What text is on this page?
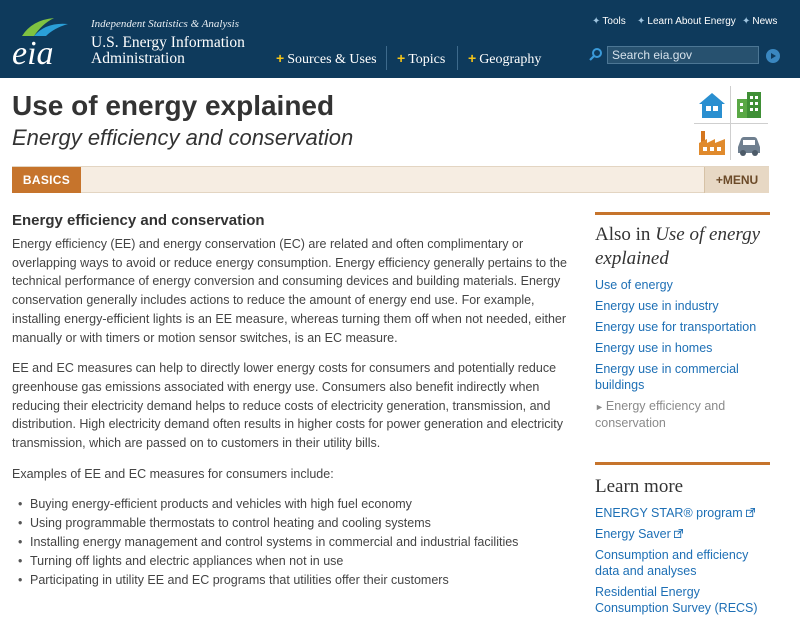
eia
Independent Statistics & Analysis
U.S. Energy Information
Administration
✦ Tools ✦ Learn About Energy ✦ News
+ Sources & Uses + Topics + Geography
Search eia.gov
Use of energy explained
Energy efficiency and conservation
BASICS	+MENU
Energy efficiency and conservation

Energy efficiency (EE) and energy conservation (EC) are related and often complimentary or overlapping ways to avoid or reduce energy consumption. Energy efficiency generally pertains to the technical performance of energy conversion and consuming devices and building materials. Energy conservation generally includes actions to reduce the amount of energy end use. For example, installing energy-efficient lights is an EE measure, whereas turning them off when not needed, either manually or with timers or motion sensor switches, is an EC measure.

EE and EC measures can help to directly lower energy costs for consumers and potentially reduce greenhouse gas emissions associated with energy use. Consumers also benefit indirectly when reducing their electricity demand helps to reduce costs of electricity generation, transmission, and distribution. High electricity demand often results in higher costs for power generation and electricity transmission, which are passed on to customers in their utility bills.

Examples of EE and EC measures for consumers include:

• Buying energy-efficient products and vehicles with high fuel economy
• Using programmable thermostats to control heating and cooling systems
• Installing energy management and control systems in commercial and industrial facilities
• Turning off lights and electric appliances when not in use
• Participating in utility EE and EC programs that utilities offer their customers
Also in Use of energy explained
Use of energy
Energy use in industry
Energy use for transportation
Energy use in homes
Energy use in commercial buildings
► Energy efficiency and conservation
Learn more
ENERGY STAR® program
Energy Saver
Consumption and efficiency data and analyses
Residential Energy Consumption Survey (RECS)
